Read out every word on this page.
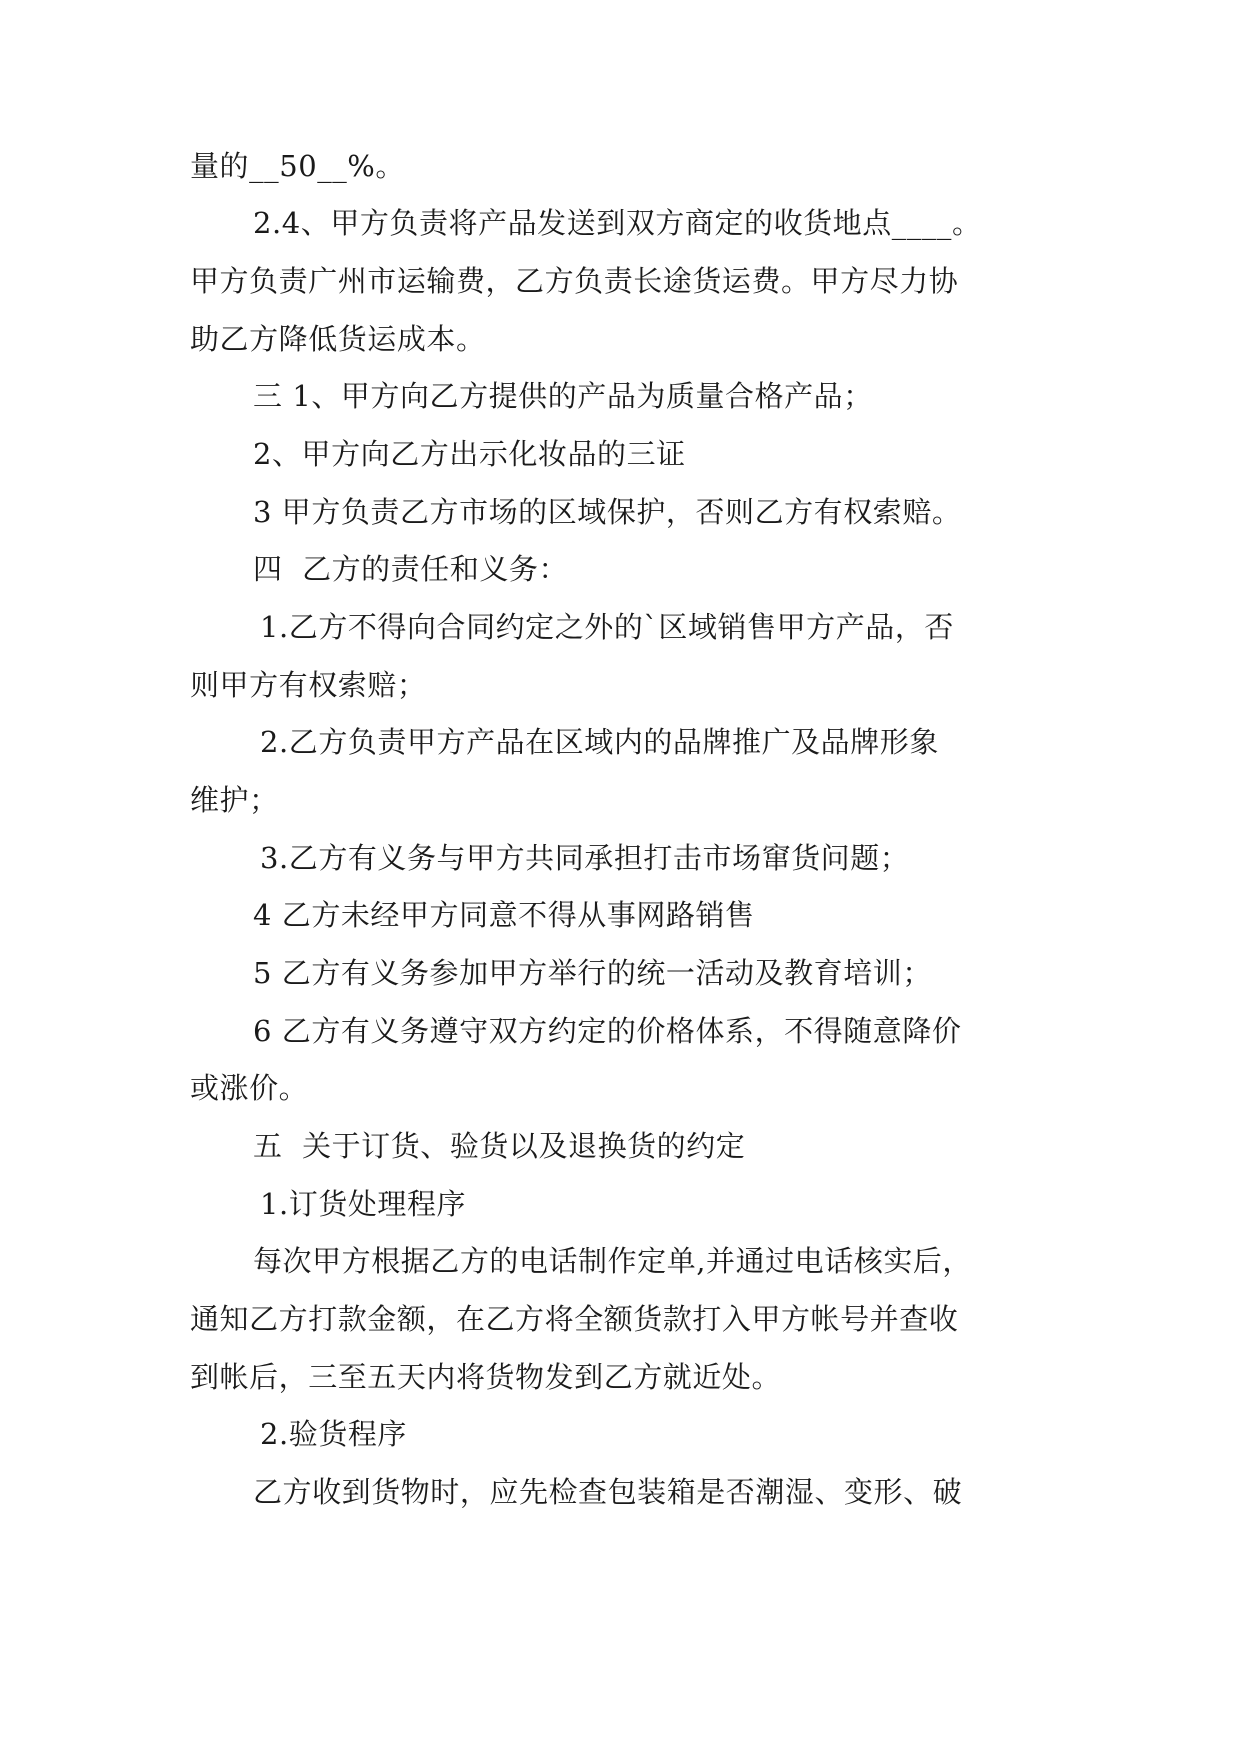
量的__50__%。
2.4、甲方负责将产品发送到双方商定的收货地点____。
甲方负责广州市运输费，乙方负责长途货运费。甲方尽力协
助乙方降低货运成本。
三 1、甲方向乙方提供的产品为质量合格产品；
2、甲方向乙方出示化妆品的三证
3 甲方负责乙方市场的区域保护，否则乙方有权索赔。
四  乙方的责任和义务：
1.乙方不得向合同约定之外的`区域销售甲方产品，否
则甲方有权索赔；
2.乙方负责甲方产品在区域内的品牌推广及品牌形象
维护；
3.乙方有义务与甲方共同承担打击市场窜货问题；
4 乙方未经甲方同意不得从事网路销售
5 乙方有义务参加甲方举行的统一活动及教育培训；
6 乙方有义务遵守双方约定的价格体系，不得随意降价
或涨价。
五  关于订货、验货以及退换货的约定
1.订货处理程序
每次甲方根据乙方的电话制作定单,并通过电话核实后，
通知乙方打款金额，在乙方将全额货款打入甲方帐号并查收
到帐后，三至五天内将货物发到乙方就近处。
2.验货程序
乙方收到货物时，应先检查包装箱是否潮湿、变形、破
